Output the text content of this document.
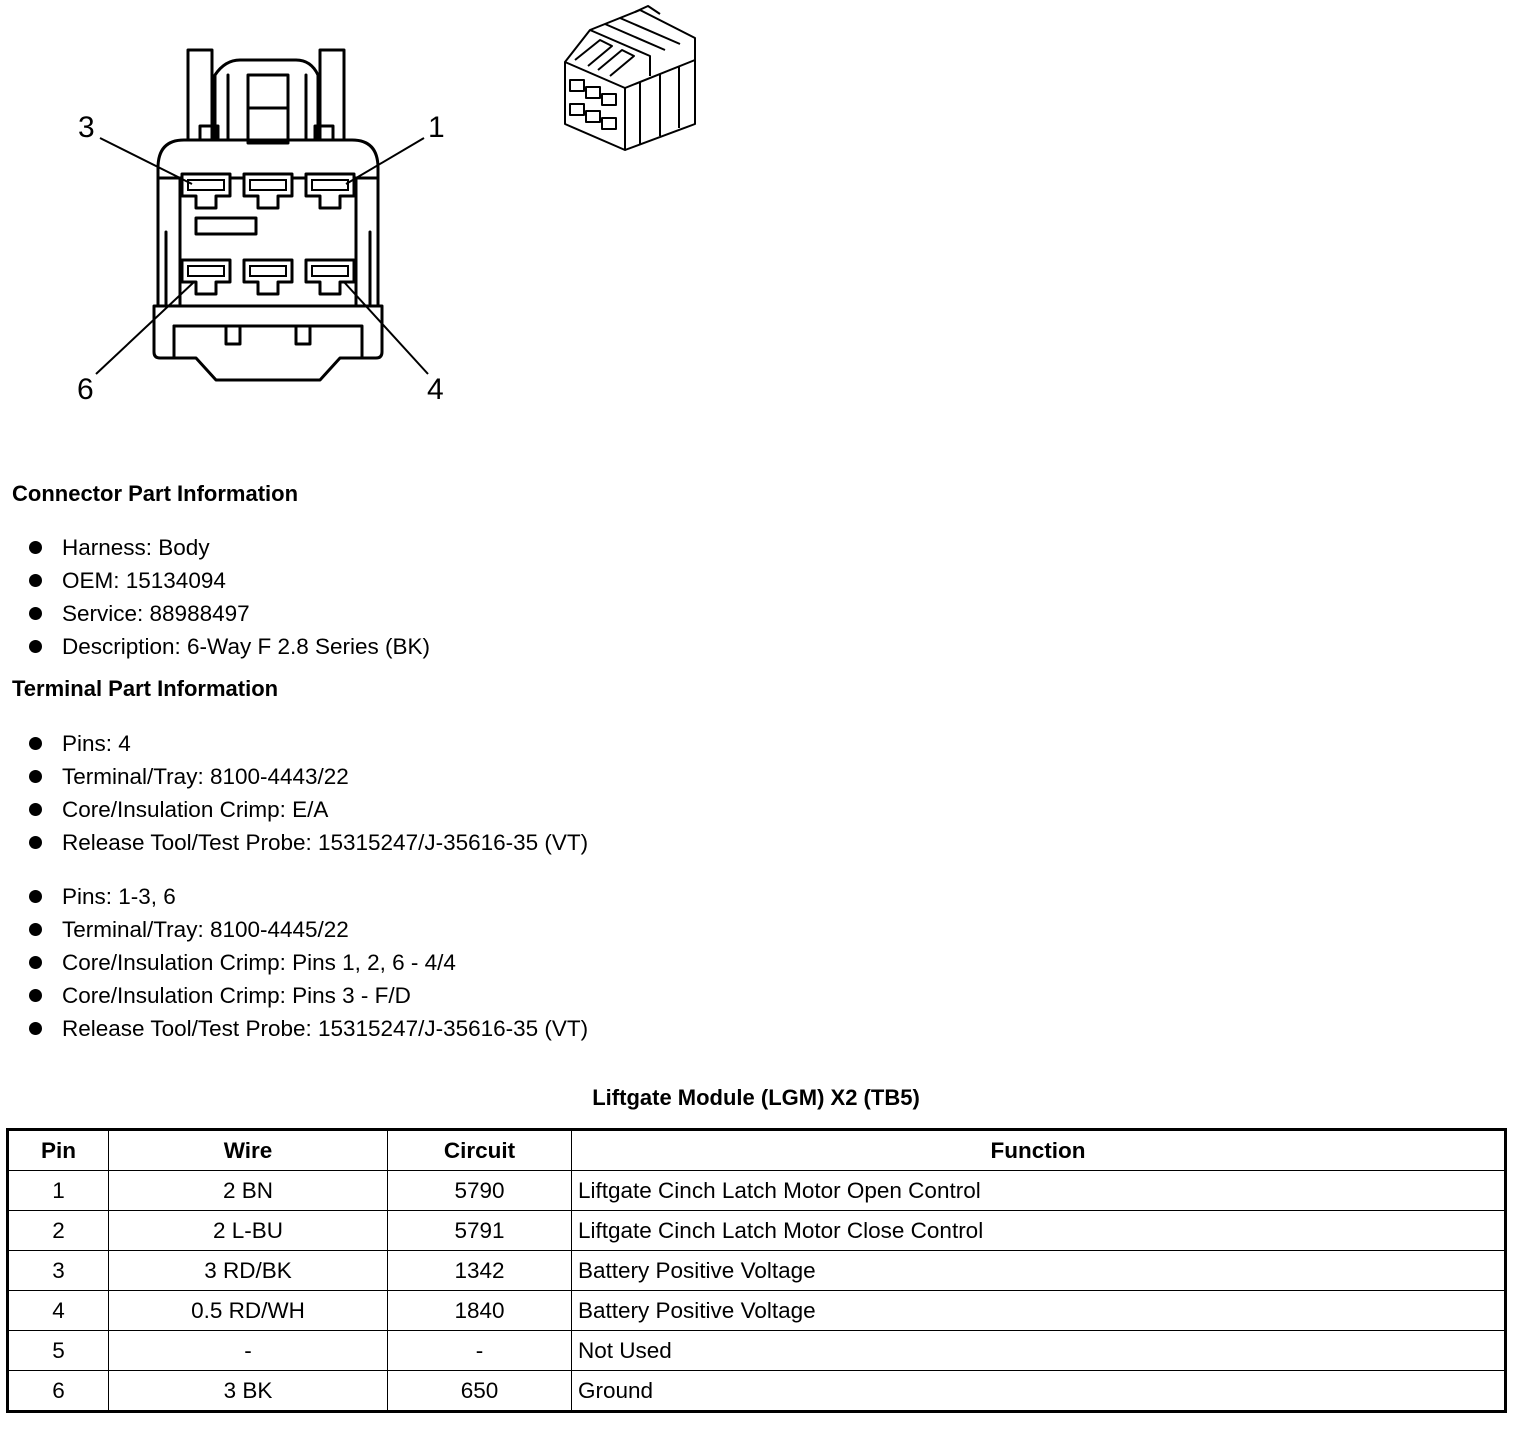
3	1
6	4
Connector Part Information
Harness: Body
OEM: 15134094
Service: 88988497
Description: 6-Way F 2.8 Series (BK)
Terminal Part Information
Pins: 4
Terminal/Tray: 8100-4443/22
Core/Insulation Crimp: E/A
Release Tool/Test Probe: 15315247/J-35616-35 (VT)
Pins: 1-3, 6
Terminal/Tray: 8100-4445/22
Core/Insulation Crimp: Pins 1, 2, 6 - 4/4
Core/Insulation Crimp: Pins 3 - F/D
Release Tool/Test Probe: 15315247/J-35616-35 (VT)
Liftgate Module (LGM) X2 (TB5)
Pin	Wire	Circuit	Function
1	2 BN	5790	Liftgate Cinch Latch Motor Open Control
2	2 L-BU	5791	Liftgate Cinch Latch Motor Close Control
3	3 RD/BK	1342	Battery Positive Voltage
4	0.5 RD/WH	1840	Battery Positive Voltage
5	-	-	Not Used
6	3 BK	650	Ground
